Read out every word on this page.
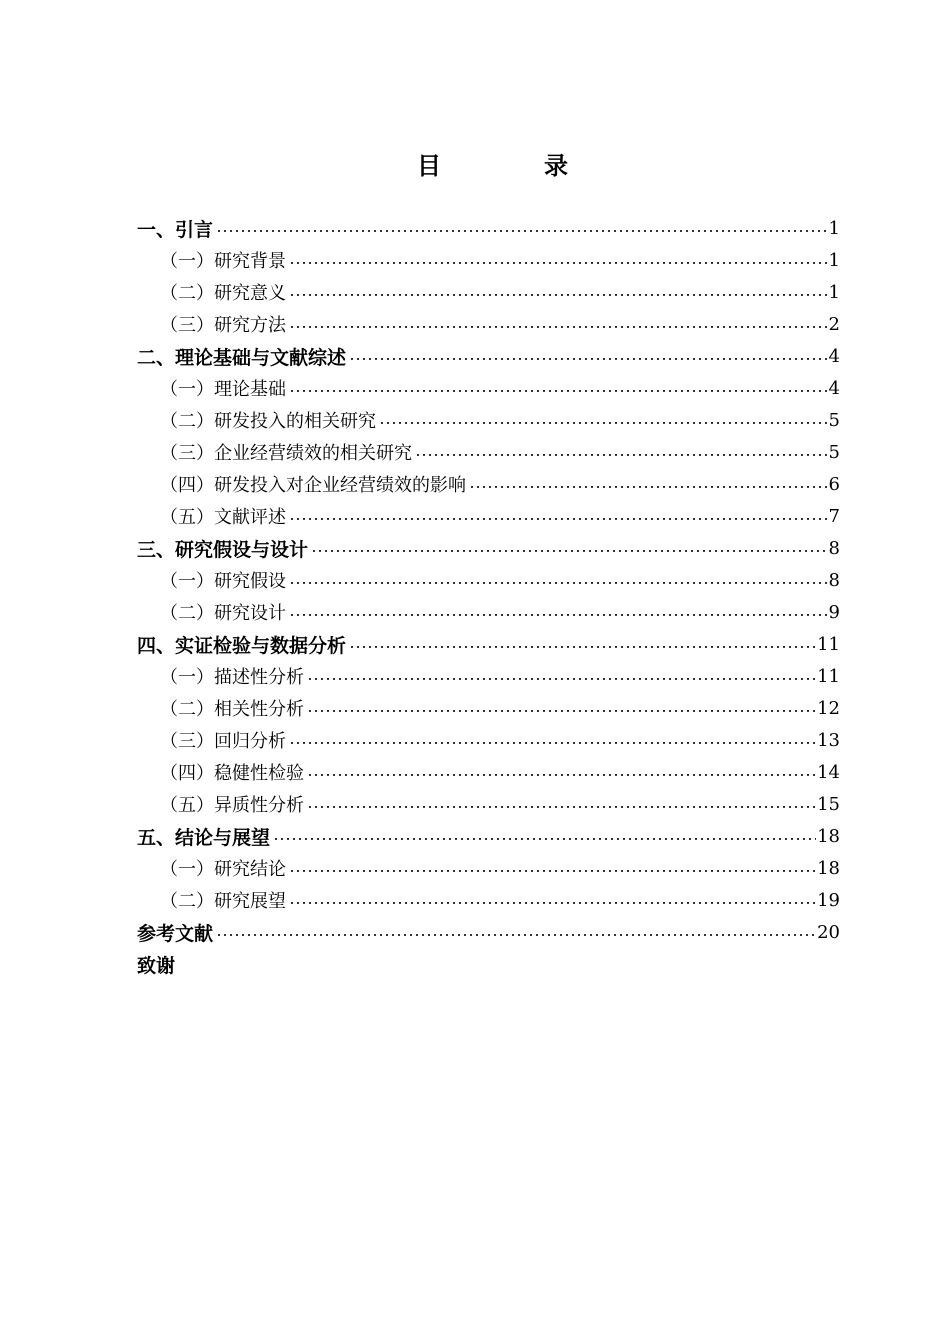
目	录
一、引言	1
（一）研究背景	1
（二）研究意义	1
（三）研究方法	2
二、理论基础与文献综述	4
（一）理论基础	4
（二）研发投入的相关研究	5
（三）企业经营绩效的相关研究	5
（四）研发投入对企业经营绩效的影响	6
（五）文献评述	7
三、研究假设与设计	8
（一）研究假设	8
（二）研究设计	9
四、实证检验与数据分析	11
（一）描述性分析	11
（二）相关性分析	12
（三）回归分析	13
（四）稳健性检验	14
（五）异质性分析	15
五、结论与展望	18
（一）研究结论	18
（二）研究展望	19
参考文献	20
致谢
